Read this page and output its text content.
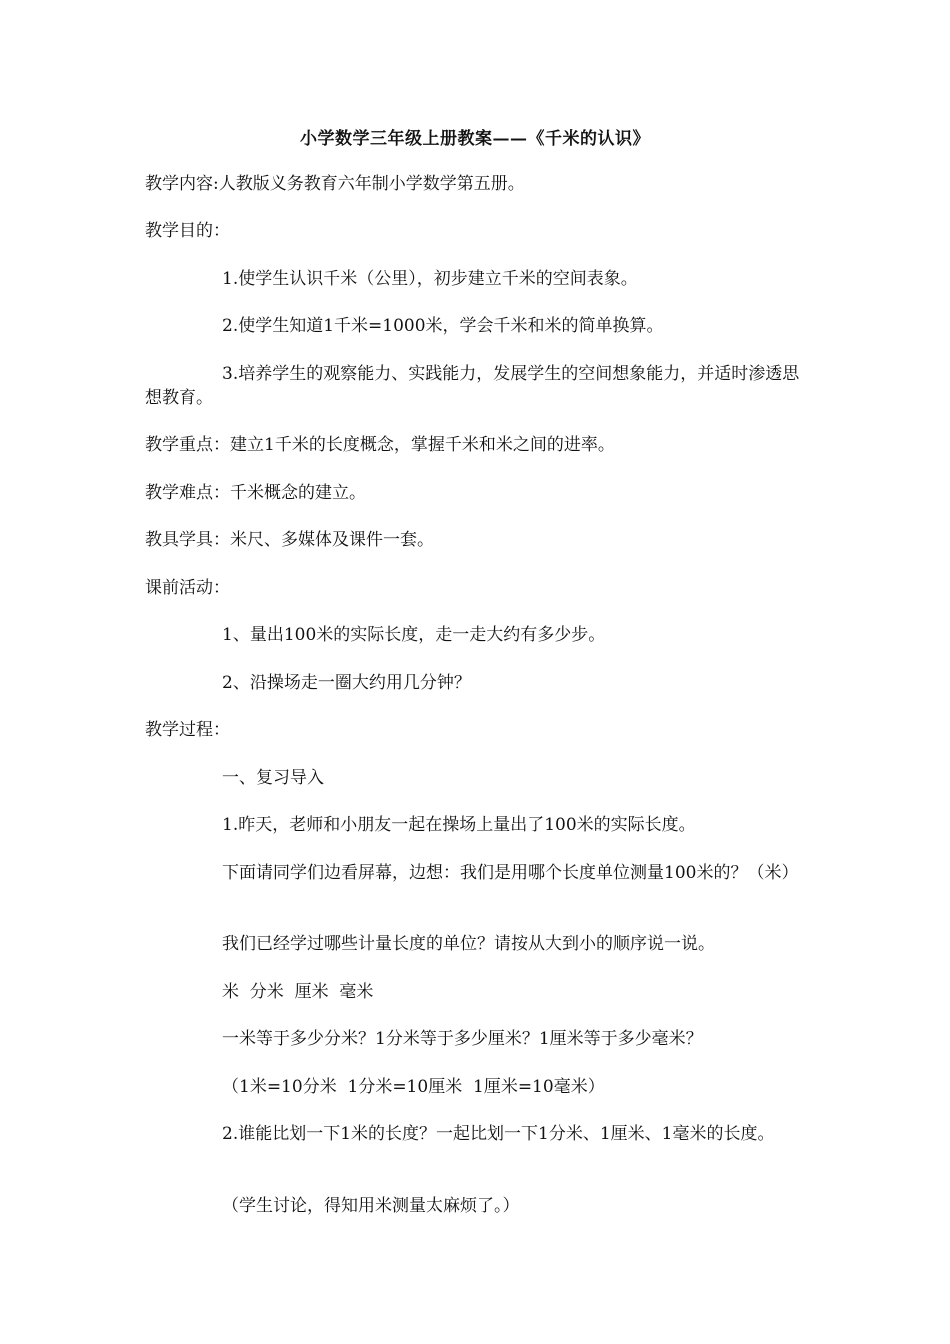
小学数学三年级上册教案——《千米的认识》
教学内容:人教版义务教育六年制小学数学第五册。
教学目的：
1.使学生认识千米（公里），初步建立千米的空间表象。
2.使学生知道1千米=1000米，学会千米和米的简单换算。
3.培养学生的观察能力、实践能力，发展学生的空间想象能力，并适时渗透思想教育。
教学重点：建立1千米的长度概念，掌握千米和米之间的进率。
教学难点：千米概念的建立。
教具学具：米尺、多媒体及课件一套。
课前活动：
1、量出100米的实际长度，走一走大约有多少步。
2、沿操场走一圈大约用几分钟？
教学过程：
一、复习导入
1.昨天，老师和小朋友一起在操场上量出了100米的实际长度。
下面请同学们边看屏幕，边想：我们是用哪个长度单位测量100米的？（米）
我们已经学过哪些计量长度的单位？请按从大到小的顺序说一说。
米  分米  厘米  毫米
一米等于多少分米？1分米等于多少厘米？1厘米等于多少毫米？
（1米=10分米  1分米=10厘米  1厘米=10毫米）
2.谁能比划一下1米的长度？一起比划一下1分米、1厘米、1毫米的长度。
（学生讨论，得知用米测量太麻烦了。）
